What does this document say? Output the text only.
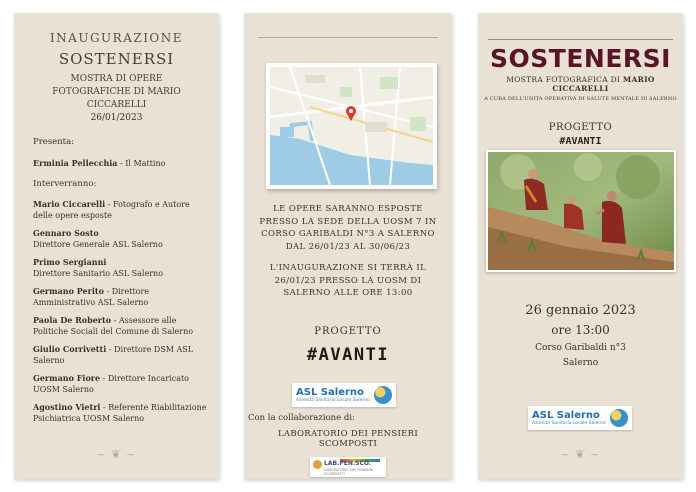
INAUGURAZIONE
SOSTENERSI
MOSTRA DI OPERE FOTOGRAFICHE DI MARIO CICCARELLI
26/01/2023
Presenta:
Erminia Pellecchia - Il Mattino
Interverranno:
Mario Ciccarelli - Fotografo e Autore delle opere esposte
Gennaro Sosto
Direttore Generale ASL Salerno
Primo Sergianni
Direttore Sanitario ASL Salerno
Germano Perito - Direttore Amministrativo ASL Salerno
Paola De Roberto - Assessore alle Politiche Sociali del Comune di Salerno
Giulio Corrivetti - Direttore DSM ASL Salerno
Germano Fiore - Direttore Incaricato UOSM Salerno
Agostino Vietri - Referente Riabilitazione Psichiatrica UOSM Salerno
~ ❦ ~

LE OPERE SARANNO ESPOSTE PRESSO LA SEDE DELLA UOSM 7 IN CORSO GARIBALDI N°3 A SALERNO DAL 26/01/23 AL 30/06/23

L'INAUGURAZIONE SI TERRÀ IL 26/01/23 PRESSO LA UOSM DI SALERNO ALLE ORE 13:00

PROGETTO
#AVANTI
ASL Salerno
Azienda Sanitaria Locale Salerno
Con la collaborazione di:
LABORATORIO DEI PENSIERI SCOMPOSTI
LAB.PEN.SCO.
LABORATORIO DEI PENSIERI SCOMPOSTI
SOSTENERSI
MOSTRA FOTOGRAFICA DI MARIO CICCARELLI
A CURA DELL'UNITÀ OPERATIVA DI SALUTE MENTALE DI SALERNO
PROGETTO
#AVANTI
26 gennaio 2023
ore 13:00
Corso Garibaldi n°3
Salerno
ASL Salerno
Azienda Sanitaria Locale Salerno
~ ❦ ~
